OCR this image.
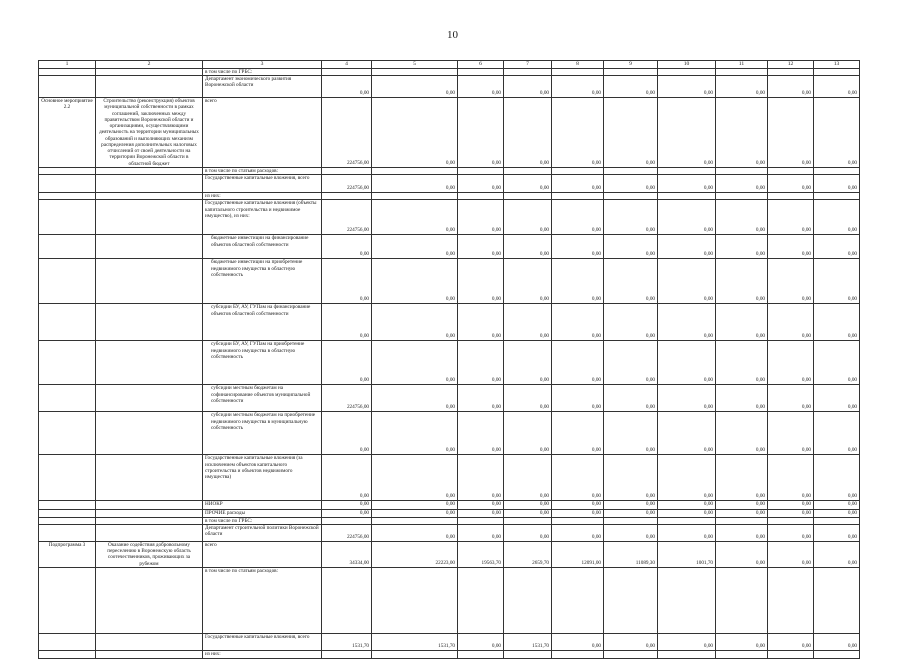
10
1	2	3	4	5	6	7	8	9	10	11	12	13
		в том числе по ГРБС:										
		Департамент экономического развития Воронежской области	0,00	0,00	0,00	0,00	0,00	0,00	0,00	0,00	0,00	0,00
Основное мероприятие 2.2	Строительство (реконструкция) объектов муниципальной собственности в рамках соглашений, заключенных между правительством Воронежской области и организациями, осуществляющими деятельность на территории муниципальных образований и выполняющих механизм распределения дополнительных налоговых отчислений от своей деятельности на территории Воронежской области в областной бюджет	всего	224756,00	0,00	0,00	0,00	0,00	0,00	0,00	0,00	0,00	0,00
		в том числе по статьям расходов:										
		Государственные капитальные вложения, всего	224756,00	0,00	0,00	0,00	0,00	0,00	0,00	0,00	0,00	0,00
		из них:										
		Государственные капитальные вложения (объекты капитального строительства и недвижимое имущество), из них:	224756,00	0,00	0,00	0,00	0,00	0,00	0,00	0,00	0,00	0,00
		бюджетные инвестиции на финансирование объектов областной собственности	0,00	0,00	0,00	0,00	0,00	0,00	0,00	0,00	0,00	0,00
		бюджетные инвестиции на приобретение недвижимого имущества в областную собственность	0,00	0,00	0,00	0,00	0,00	0,00	0,00	0,00	0,00	0,00
		субсидии БУ, АУ, ГУПам на финансирование объектов областной собственности	0,00	0,00	0,00	0,00	0,00	0,00	0,00	0,00	0,00	0,00
		субсидии БУ, АУ, ГУПам на приобретение недвижимого имущества в областную собственность	0,00	0,00	0,00	0,00	0,00	0,00	0,00	0,00	0,00	0,00
		субсидии местным бюджетам на софинансирование объектов муниципальной собственности	224756,00	0,00	0,00	0,00	0,00	0,00	0,00	0,00	0,00	0,00
		субсидии местным бюджетам на приобретение недвижимого имущества в муниципальную собственность	0,00	0,00	0,00	0,00	0,00	0,00	0,00	0,00	0,00	0,00
		Государственные капитальные вложения (за исключением объектов капитального строительства и объектов недвижимого имущества)	0,00	0,00	0,00	0,00	0,00	0,00	0,00	0,00	0,00	0,00
		НИОКР	0,00	0,00	0,00	0,00	0,00	0,00	0,00	0,00	0,00	0,00
		ПРОЧИЕ расходы	0,00	0,00	0,00	0,00	0,00	0,00	0,00	0,00	0,00	0,00
		в том числе по ГРБС:										
		Департамент строительной политики Воронежской области	224756,00	0,00	0,00	0,00	0,00	0,00	0,00	0,00	0,00	0,00
Подпрограмма 3	Оказание содействия добровольному переселению в Воронежскую область соотечественников, проживающих за рубежом	всего	34334,00	22223,00	19563,70	2659,70	12091,00	11089,30	1001,70	0,00	0,00	0,00
		в том числе по статьям расходов:										
		Государственные капитальные вложения, всего	1531,70	1531,70	0,00	1531,70	0,00	0,00	0,00	0,00	0,00	0,00
		из них:										
